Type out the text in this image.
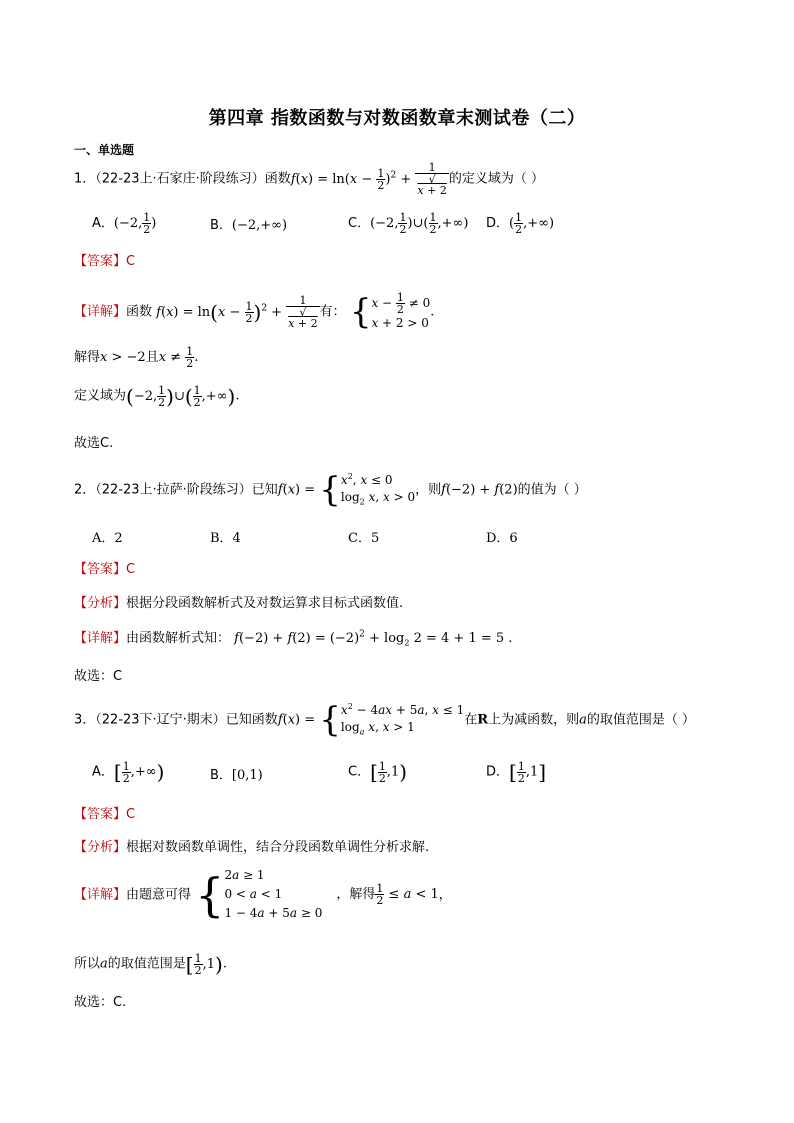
第四章 指数函数与对数函数章末测试卷（二）
一、单选题
1．（22-23上·石家庄·阶段练习）函数$f(x) = \ln(x - \frac{1}{2} )^2 + 1$
√
x + 2 的定义域为（ ）
A．(−2, $\frac{1}{2}$ )	B．(−2,+∞)	C．(−2, $\frac{1}{2}$ )∪( $\frac{1}{2}$ ,+∞) D．( $\frac{1}{2}$ ,+∞)
【答案】C
【详解】函数 $f(x) = \ln(x - \frac{1}{2} )^2 + 1$
√
x + 2 有： { $x - \frac{1}{2} \ne 0$
x + 2 > 0
.
解得x > −2且$x \ne \frac{1}{2}$ .
定义域为(−2, $\frac{1}{2}$ )∪( $\frac{1}{2}$ ,+∞).
故选C.
2．（22-23上·拉萨·阶段练习）已知f(x) = { $x^2$, x ≤ 0
$\log_2 x$, x > 0 ，则f(−2) + f(2)的值为（ ）
A．2	B．4	C．5	D．6
【答案】C
【分析】根据分段函数解析式及对数运算求目标式函数值.
【详解】由函数解析式知： $f(-2) + f(2) = (-2)^2 + \log_2 2 = 4 + 1 = 5$ .
故选：C
3．（22-23下·辽宁·期末）已知函数f(x) = { $x^2 - 4ax + 5a$, x ≤ 1
$\log_a x$, x > 1	在R上为减函数，则a的取值范围是（ ）
A．[ $\frac{1}{2}$ ,+∞)	B．[0,1)	C．[ $\frac{1}{2} ,1$)	D．[ $\frac{1}{2} ,1$]
【答案】C
【分析】根据对数函数单调性，结合分段函数单调性分析求解.
【详解】由题意可得 { 2a ≥ 1
0 < a < 1
1 − 4a + 5a ≥ 0
，解得 $\frac{1}{2} \le a < 1$，
所以a的取值范围是[ $\frac{1}{2} ,1$).
故选：C.
